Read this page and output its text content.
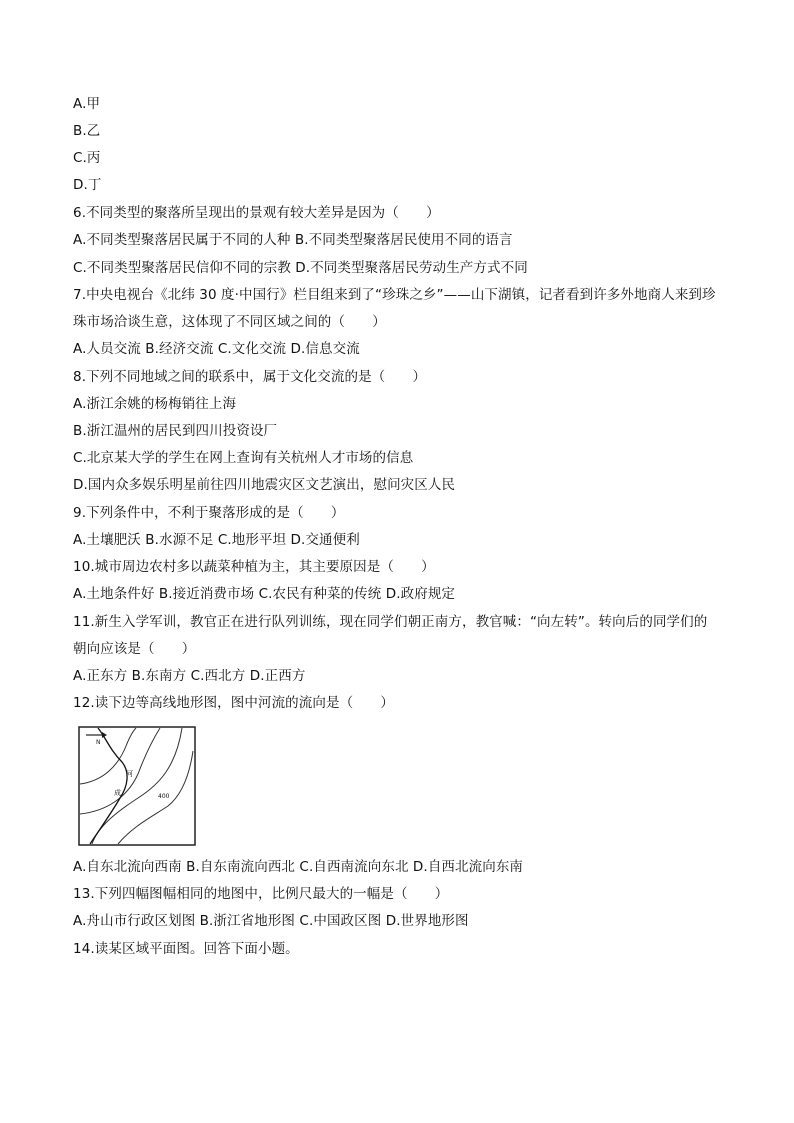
A.甲
B.乙
C.丙
D.丁
6.不同类型的聚落所呈现出的景观有较大差异是因为（　　）
A.不同类型聚落居民属于不同的人种 B.不同类型聚落居民使用不同的语言
C.不同类型聚落居民信仰不同的宗教 D.不同类型聚落居民劳动生产方式不同
7.中央电视台《北纬 30 度·中国行》栏目组来到了“珍珠之乡”——山下湖镇，记者看到许多外地商人来到珍
珠市场洽谈生意，这体现了不同区域之间的（　　）
A.人员交流 B.经济交流 C.文化交流 D.信息交流
8.下列不同地域之间的联系中，属于文化交流的是（　　）
A.浙江余姚的杨梅销往上海
B.浙江温州的居民到四川投资设厂
C.北京某大学的学生在网上查询有关杭州人才市场的信息
D.国内众多娱乐明星前往四川地震灾区文艺演出，慰问灾区人民
9.下列条件中，不利于聚落形成的是（　　）
A.土壤肥沃 B.水源不足 C.地形平坦 D.交通便利
10.城市周边农村多以蔬菜种植为主，其主要原因是（　　）
A.土地条件好 B.接近消费市场 C.农民有种菜的传统 D.政府规定
11.新生入学军训，教官正在进行队列训练，现在同学们朝正南方，教官喊：“向左转”。转向后的同学们的
朝向应该是（　　）
A.正东方 B.东南方 C.西北方 D.正西方
12.读下边等高线地形图，图中河流的流向是（　　）
N
河
成	400
A.自东北流向西南 B.自东南流向西北 C.自西南流向东北 D.自西北流向东南
13.下列四幅图幅相同的地图中，比例尺最大的一幅是（　　）
A.舟山市行政区划图 B.浙江省地形图 C.中国政区图 D.世界地形图
14.读某区域平面图。回答下面小题。
